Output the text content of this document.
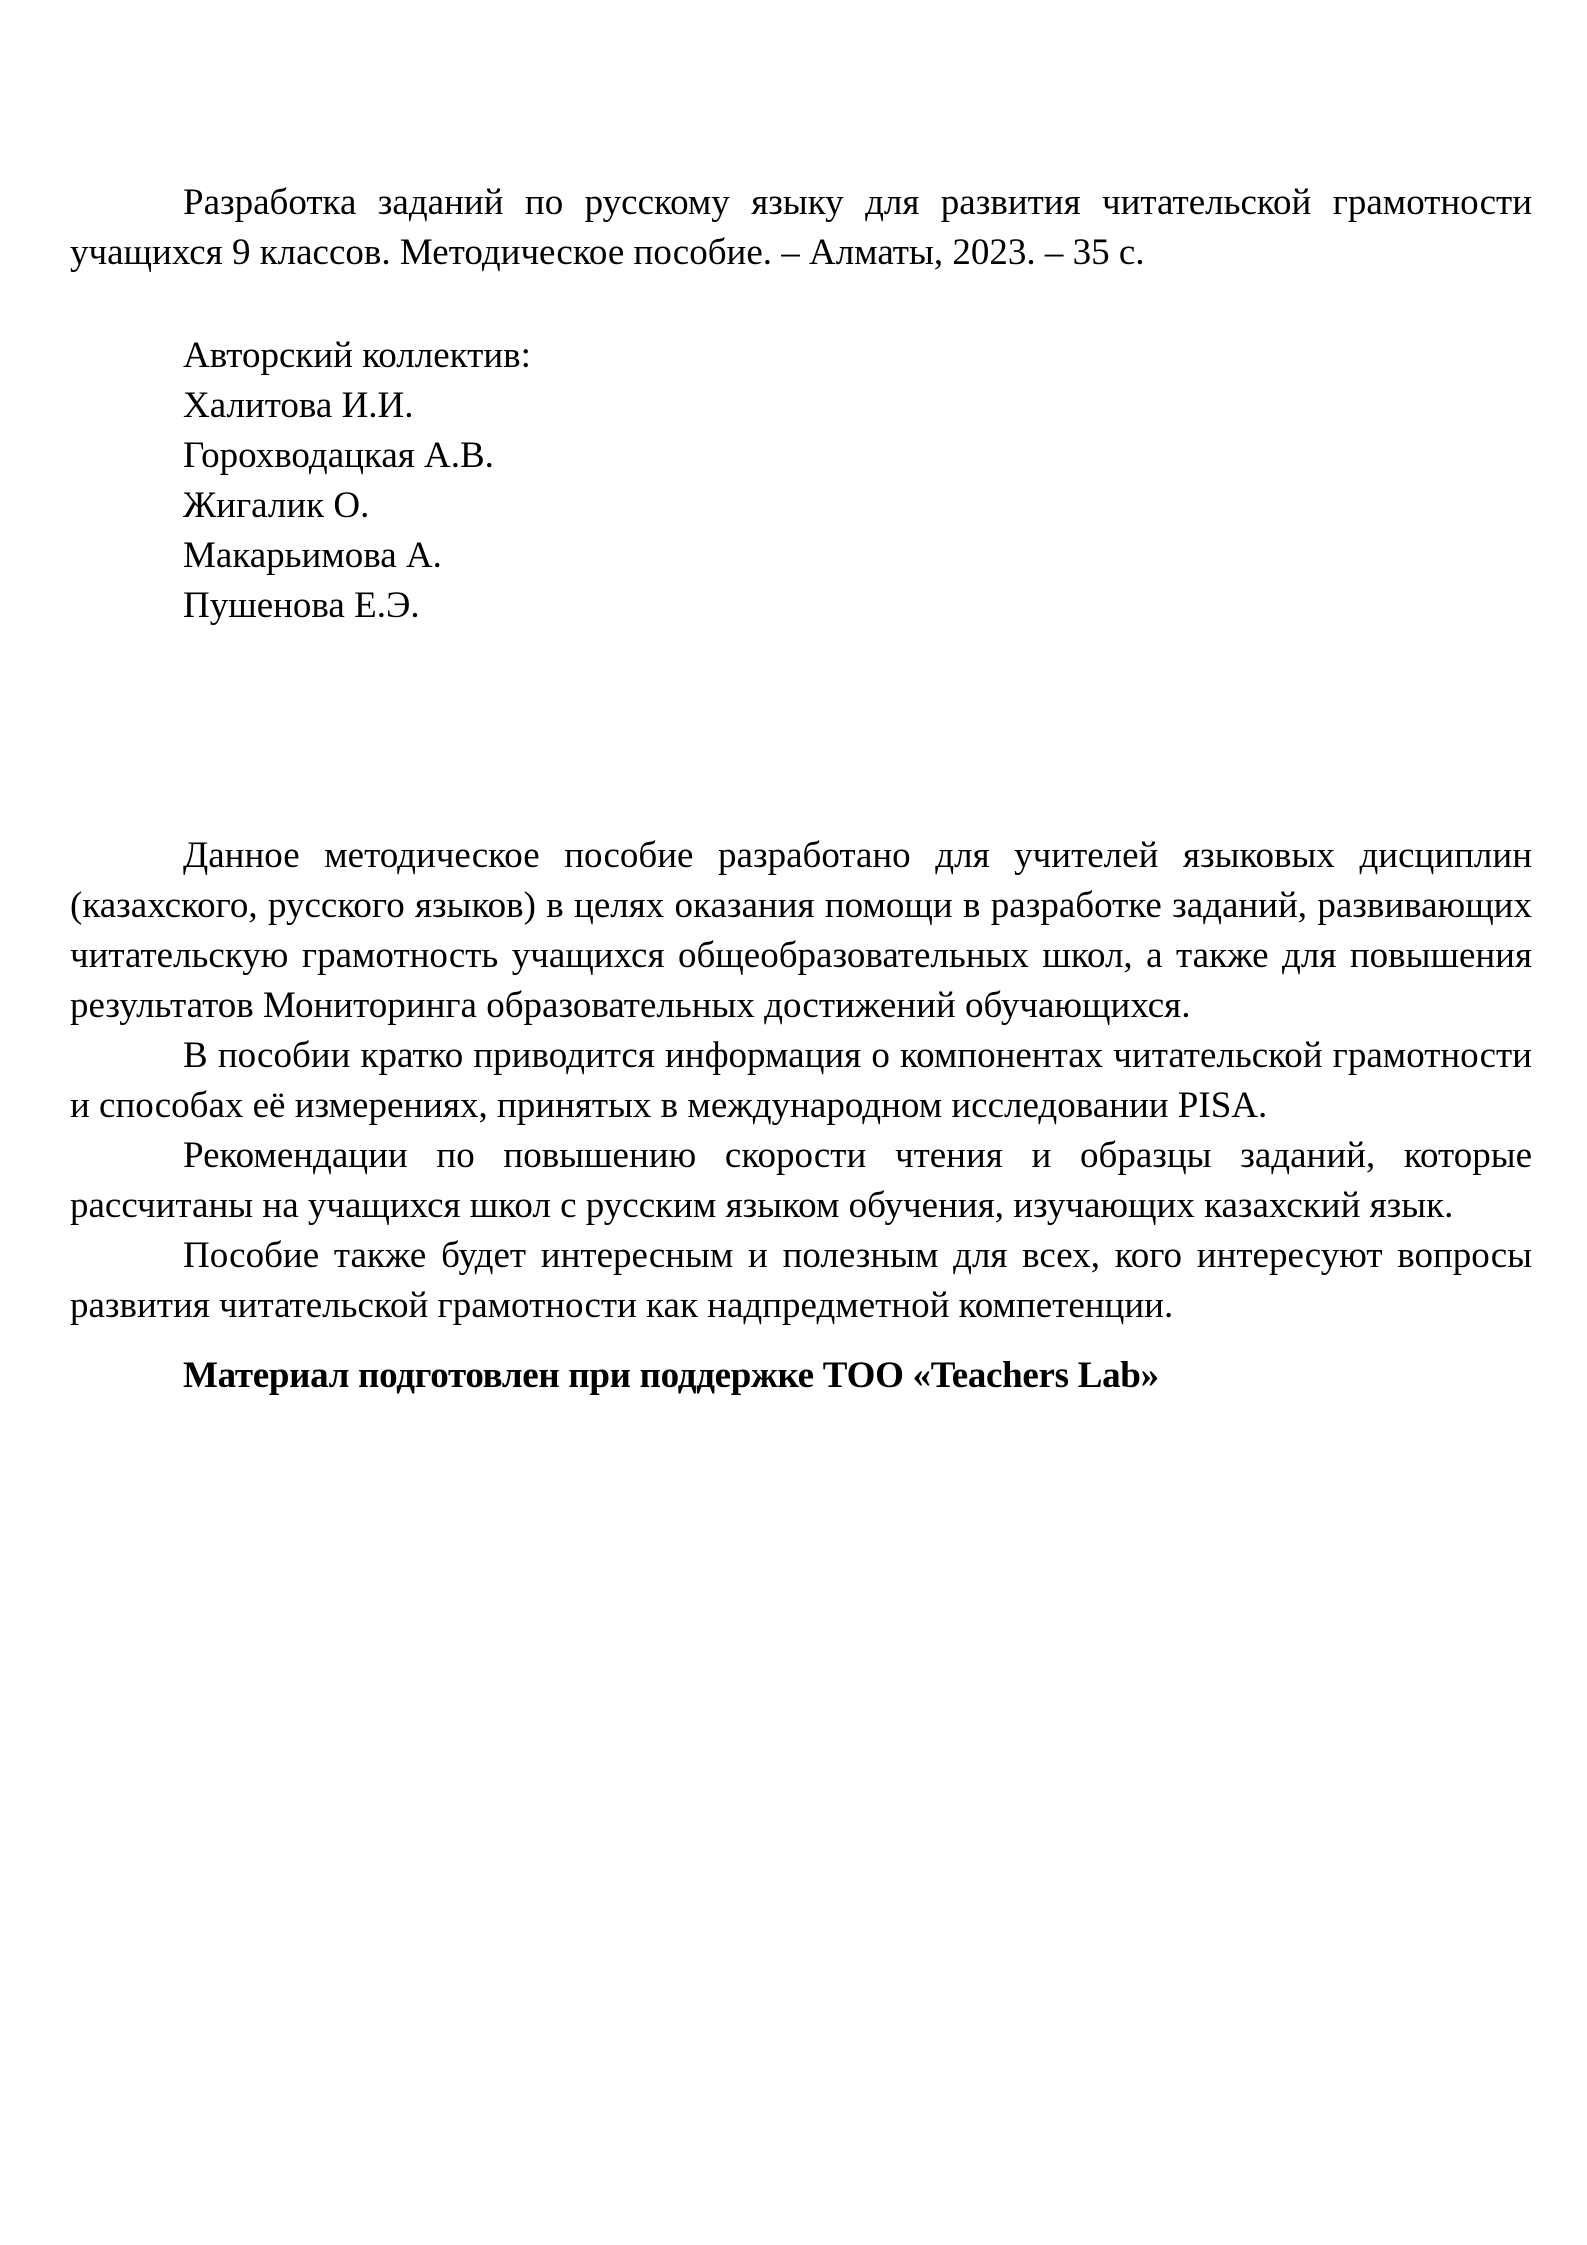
Разработка заданий по русскому языку для развития читательской грамотности учащихся 9 классов. Методическое пособие. – Алматы, 2023. – 35 с.

Авторский коллектив:
Халитова И.И.
Горохводацкая А.В.
Жигалик О.
Макарьимова А.
Пушенова Е.Э.

Данное методическое пособие разработано для учителей языковых дисциплин (казахского, русского языков) в целях оказания помощи в разработке заданий, развивающих читательскую грамотность учащихся общеобразовательных школ, а также для повышения результатов Мониторинга образовательных достижений обучающихся.

В пособии кратко приводится информация о компонентах читательской грамотности и способах её измерениях, принятых в международном исследовании PISA.

Рекомендации по повышению скорости чтения и образцы заданий, которые рассчитаны на учащихся школ с русским языком обучения, изучающих казахский язык.

Пособие также будет интересным и полезным для всех, кого интересуют вопросы развития читательской грамотности как надпредметной компетенции.

Материал подготовлен при поддержке ТОО «Teachers Lab»
